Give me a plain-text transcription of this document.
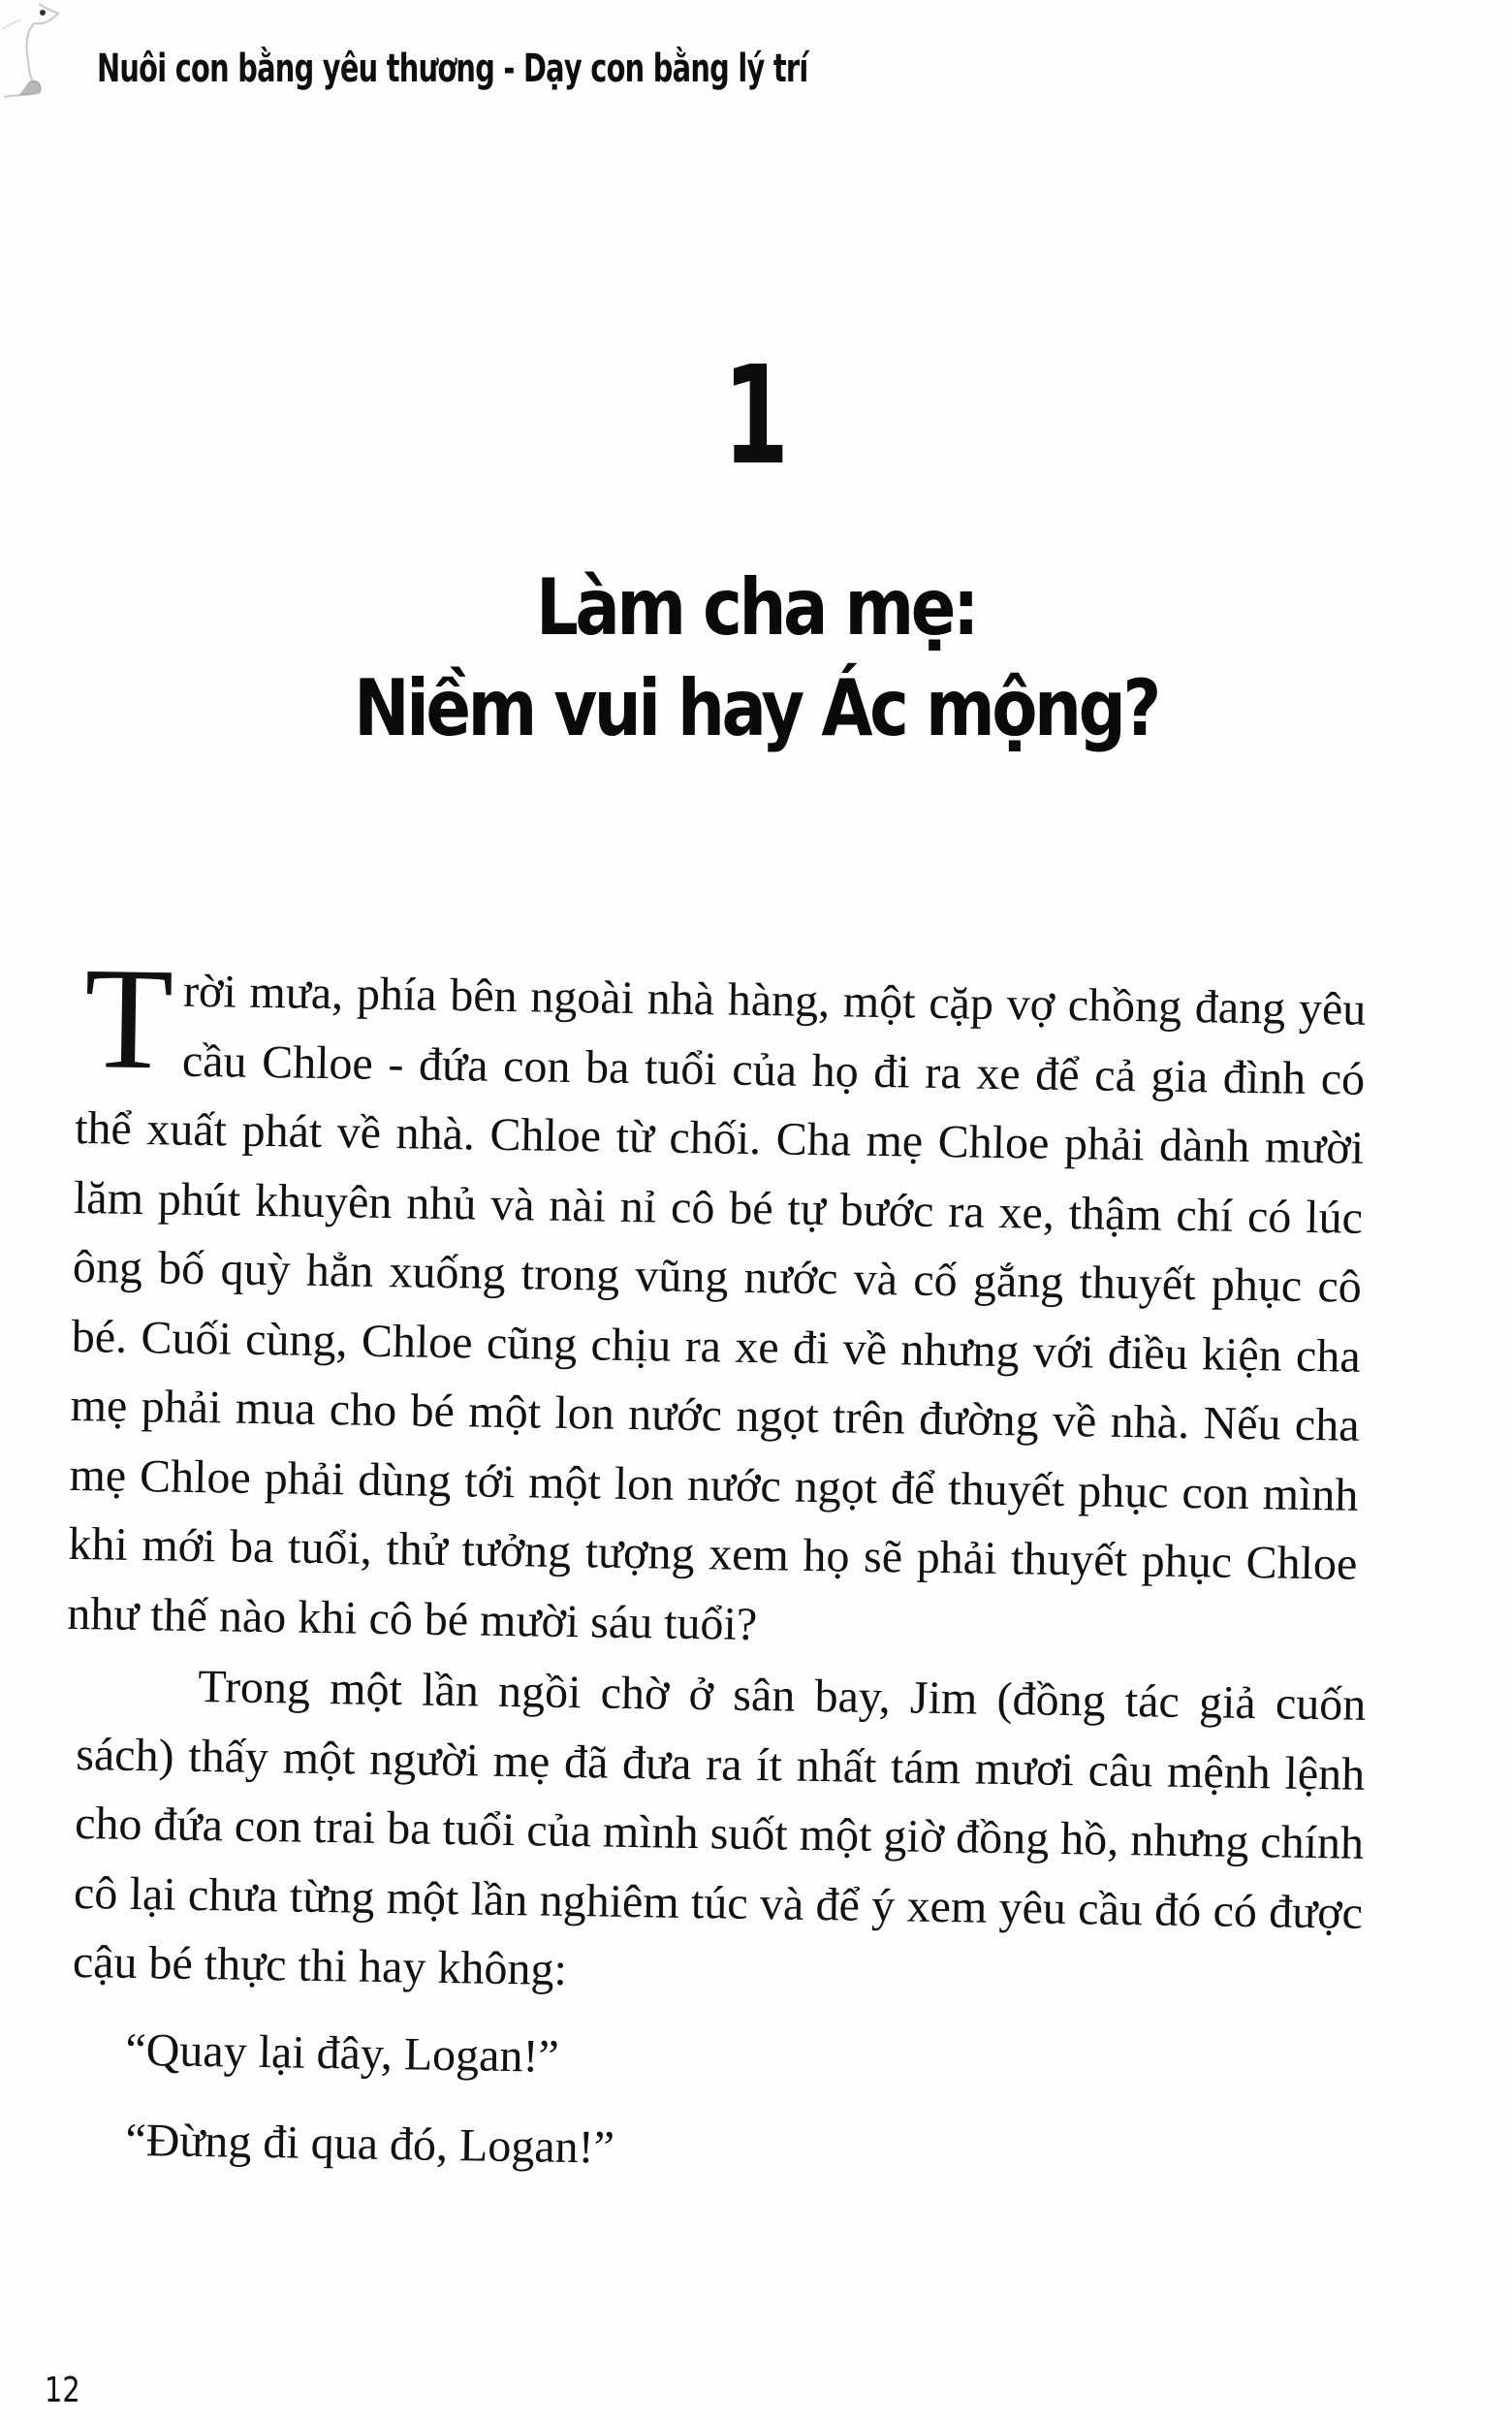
Nuôi con bằng yêu thương - Dạy con bằng lý trí
1
Làm cha mẹ:
Niềm vui hay Ác mộng?

Trời mưa, phía bên ngoài nhà hàng, một cặp vợ chồng đang yêu cầu Chloe - đứa con ba tuổi của họ đi ra xe để cả gia đình có thể xuất phát về nhà. Chloe từ chối. Cha mẹ Chloe phải dành mười lăm phút khuyên nhủ và nài nỉ cô bé tự bước ra xe, thậm chí có lúc ông bố quỳ hẳn xuống trong vũng nước và cố gắng thuyết phục cô bé. Cuối cùng, Chloe cũng chịu ra xe đi về nhưng với điều kiện cha mẹ phải mua cho bé một lon nước ngọt trên đường về nhà. Nếu cha mẹ Chloe phải dùng tới một lon nước ngọt để thuyết phục con mình khi mới ba tuổi, thử tưởng tượng xem họ sẽ phải thuyết phục Chloe như thế nào khi cô bé mười sáu tuổi?

Trong một lần ngồi chờ ở sân bay, Jim (đồng tác giả cuốn sách) thấy một người mẹ đã đưa ra ít nhất tám mươi câu mệnh lệnh cho đứa con trai ba tuổi của mình suốt một giờ đồng hồ, nhưng chính cô lại chưa từng một lần nghiêm túc và để ý xem yêu cầu đó có được cậu bé thực thi hay không:

“Quay lại đây, Logan!”

“Đừng đi qua đó, Logan!”

12
